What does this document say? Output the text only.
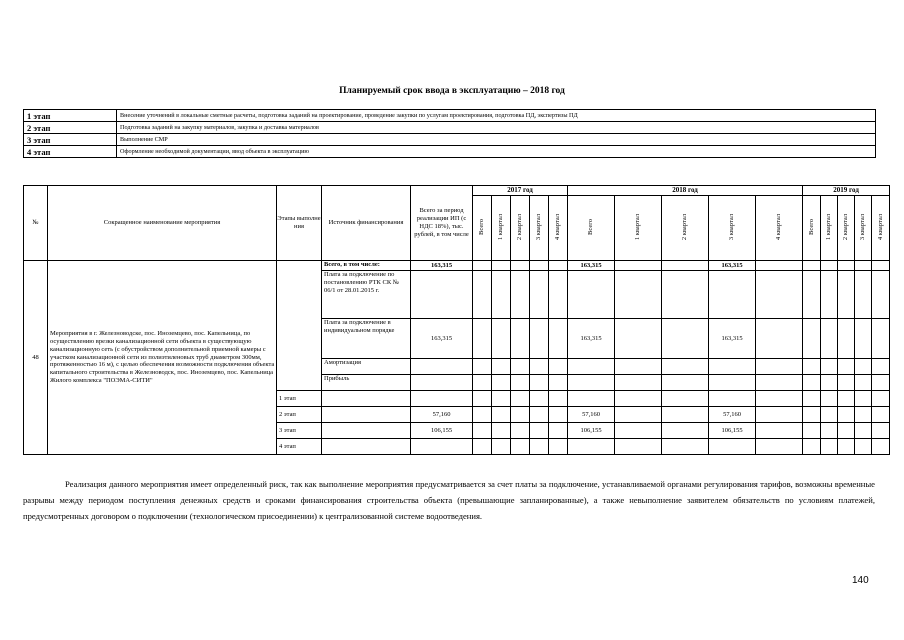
Планируемый срок ввода в эксплуатацию – 2018 год
1 этап	Внесение уточнений в локальные сметные расчеты, подготовка заданий на проектирование, проведение закупки по услугам проектирования, подготовка ПД, экспертизы ПД
2 этап	Подготовка заданий на закупку материалов, закупка и доставка материалов
3 этап	Выполнение СМР
4 этап	Оформление необходимой документации, ввод объекта в эксплуатацию
№	Сокращенное наименование мероприятия	Этапы выполне ния	Источник финансирования	Всего за период реализации ИП (с НДС 18%), тыс. рублей, в том числе	2017 год					2018 год					2019 год				
					Всего	1 квартал	2 квартал	3 квартал	4 квартал	Всего	1 квартал	2 квартал	3 квартал	4 квартал	Всего	1 квартал	2 квартал	3 квартал	4 квартал
48	Мероприятия в г. Железноводске, пос. Иноземцево, пос. Капельница, по осуществлению врезки канализационной сети объекта в существующую канализационную сеть (с обустройством дополнительной приемной камеры с участком канализационной сети из полиэтиленовых труб диаметром 300мм, протяженностью 16 м), с целью обеспечения возможности подключения объекта капитального строительства в Железноводск, пос. Иноземцево, пос. Капельница Жилого комплекса "ПОЭМА-СИТИ"		Всего, в том числе:	163,315						163,315			163,315						
			Плата за подключение по постановлению РТК СК № 06/1 от 28.01.2015 г.																
			Плата за подключение в индивидуальном порядке	163,315						163,315			163,315						
			Амортизация																
			Прибыль																
		1 этап																	
		2 этап		57,160						57,160			57,160						
		3 этап		106,155						106,155			106,155						
		4 этап																	

Реализация данного мероприятия имеет определенный риск, так как выполнение мероприятия предусматривается за счет платы за подключение, устанавливаемой органами регулирования тарифов, возможны временные разрывы между периодом поступления денежных средств и сроками финансирования строительства объекта (превышающие запланированные), а также невыполнение заявителем обязательств по условиям платежей, предусмотренных договором о подключении (технологическом присоединении) к централизованной системе водоотведения.

140
